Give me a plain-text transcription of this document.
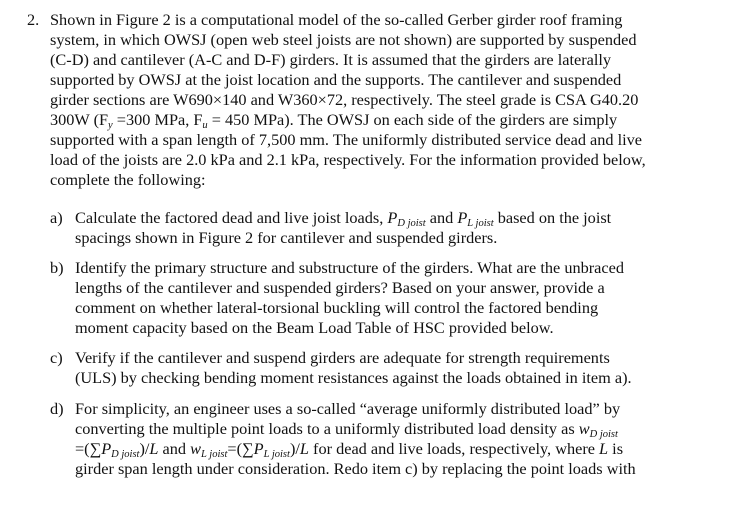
2. Shown in Figure 2 is a computational model of the so-called Gerber girder roof framing
system, in which OWSJ (open web steel joists are not shown) are supported by suspended
(C-D) and cantilever (A-C and D-F) girders. It is assumed that the girders are laterally
supported by OWSJ at the joist location and the supports. The cantilever and suspended
girder sections are W690×140 and W360×72, respectively. The steel grade is CSA G40.20
300W (Fy =300 MPa, Fu = 450 MPa). The OWSJ on each side of the girders are simply
supported with a span length of 7,500 mm. The uniformly distributed service dead and live
load of the joists are 2.0 kPa and 2.1 kPa, respectively. For the information provided below,
complete the following:
a) Calculate the factored dead and live joist loads, PD joist and PL joist based on the joist
spacings shown in Figure 2 for cantilever and suspended girders.
b) Identify the primary structure and substructure of the girders. What are the unbraced
lengths of the cantilever and suspended girders? Based on your answer, provide a
comment on whether lateral-torsional buckling will control the factored bending
moment capacity based on the Beam Load Table of HSC provided below.
c) Verify if the cantilever and suspend girders are adequate for strength requirements
(ULS) by checking bending moment resistances against the loads obtained in item a).
d) For simplicity, an engineer uses a so-called “average uniformly distributed load” by
converting the multiple point loads to a uniformly distributed load density as wD joist
=(∑PD joist)/L and wL joist=(∑PL joist)/L for dead and live loads, respectively, where L is
girder span length under consideration. Redo item c) by replacing the point loads with
